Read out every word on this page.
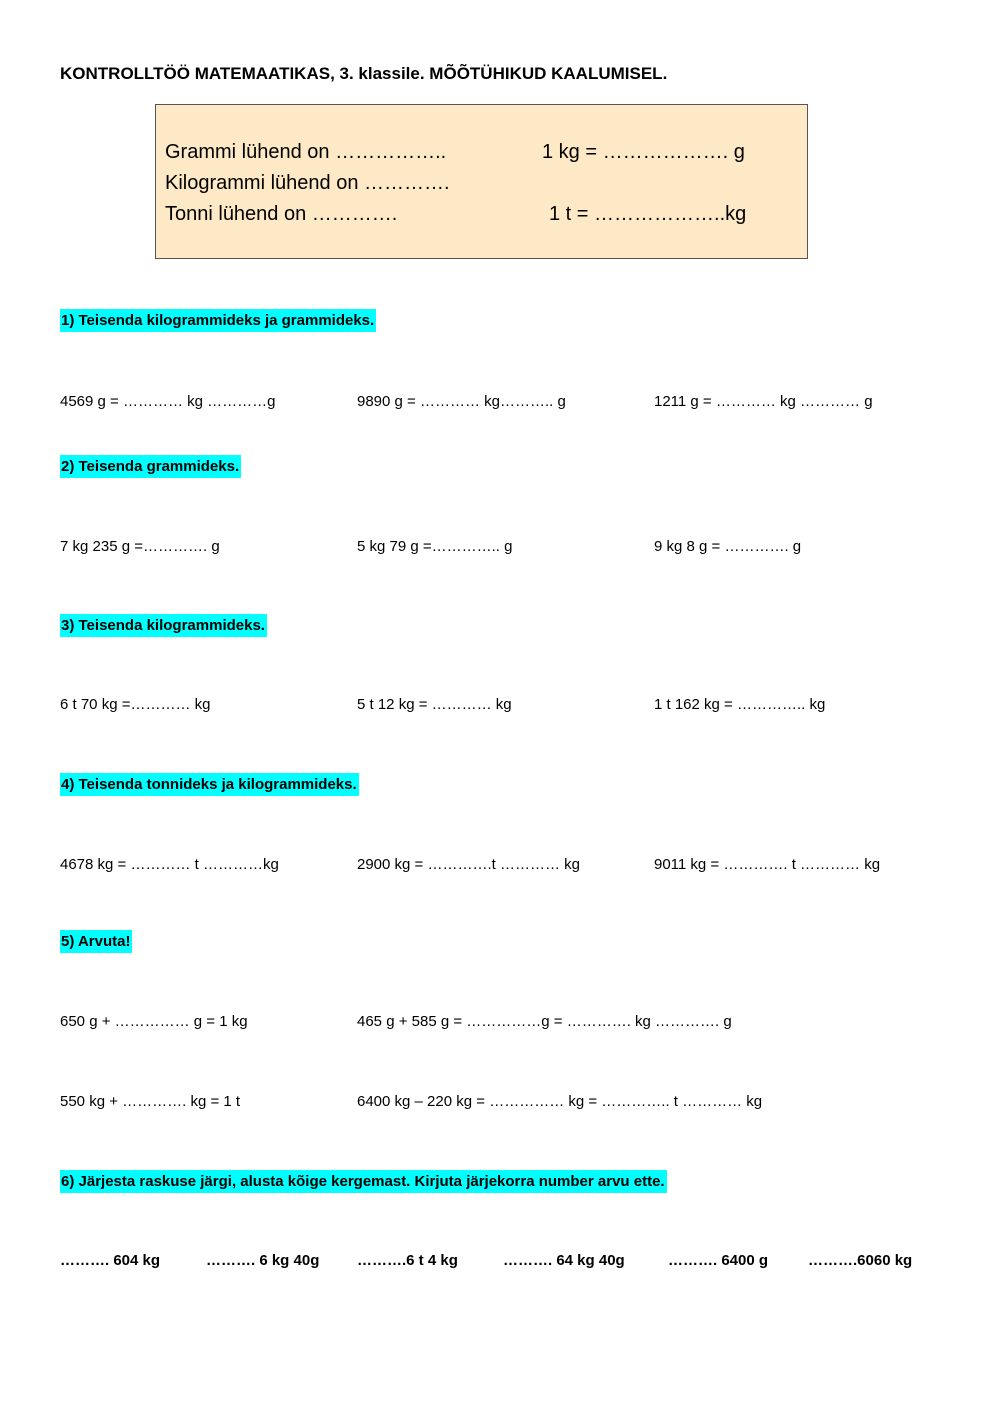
KONTROLLTÖÖ MATEMAATIKAS, 3. klassile. MÕÕTÜHIKUD KAALUMISEL.
Grammi lühend on ……………..	1 kg = ………………. g
Kilogrammi lühend on ………….
Tonni lühend on ………….	1 t = ………………..kg
1) Teisenda kilogrammideks ja grammideks.
4569 g = ………… kg …………g	9890 g = ………… kg……….. g	1211 g = ………… kg ………… g
2) Teisenda grammideks.
7 kg 235 g =…………. g	5 kg 79 g =………….. g	9 kg 8 g = …………. g
3) Teisenda kilogrammideks.
6 t 70 kg =………… kg	5 t 12 kg = ………… kg	1 t 162 kg = ………….. kg
4) Teisenda tonnideks ja kilogrammideks.
4678 kg = ………… t …………kg	2900 kg = ………….t ………… kg	9011 kg = …………. t ………… kg
5) Arvuta!
650 g + …………… g = 1 kg	465 g + 585 g = ……………g = …………. kg …………. g
550 kg + …………. kg = 1 t	6400 kg – 220 kg = …………… kg = ………….. t ………… kg
6) Järjesta raskuse järgi, alusta kõige kergemast. Kirjuta järjekorra number arvu ette.
………. 604 kg	………. 6 kg 40g	……….6 t 4 kg	………. 64 kg 40g	………. 6400 g	……….6060 kg
